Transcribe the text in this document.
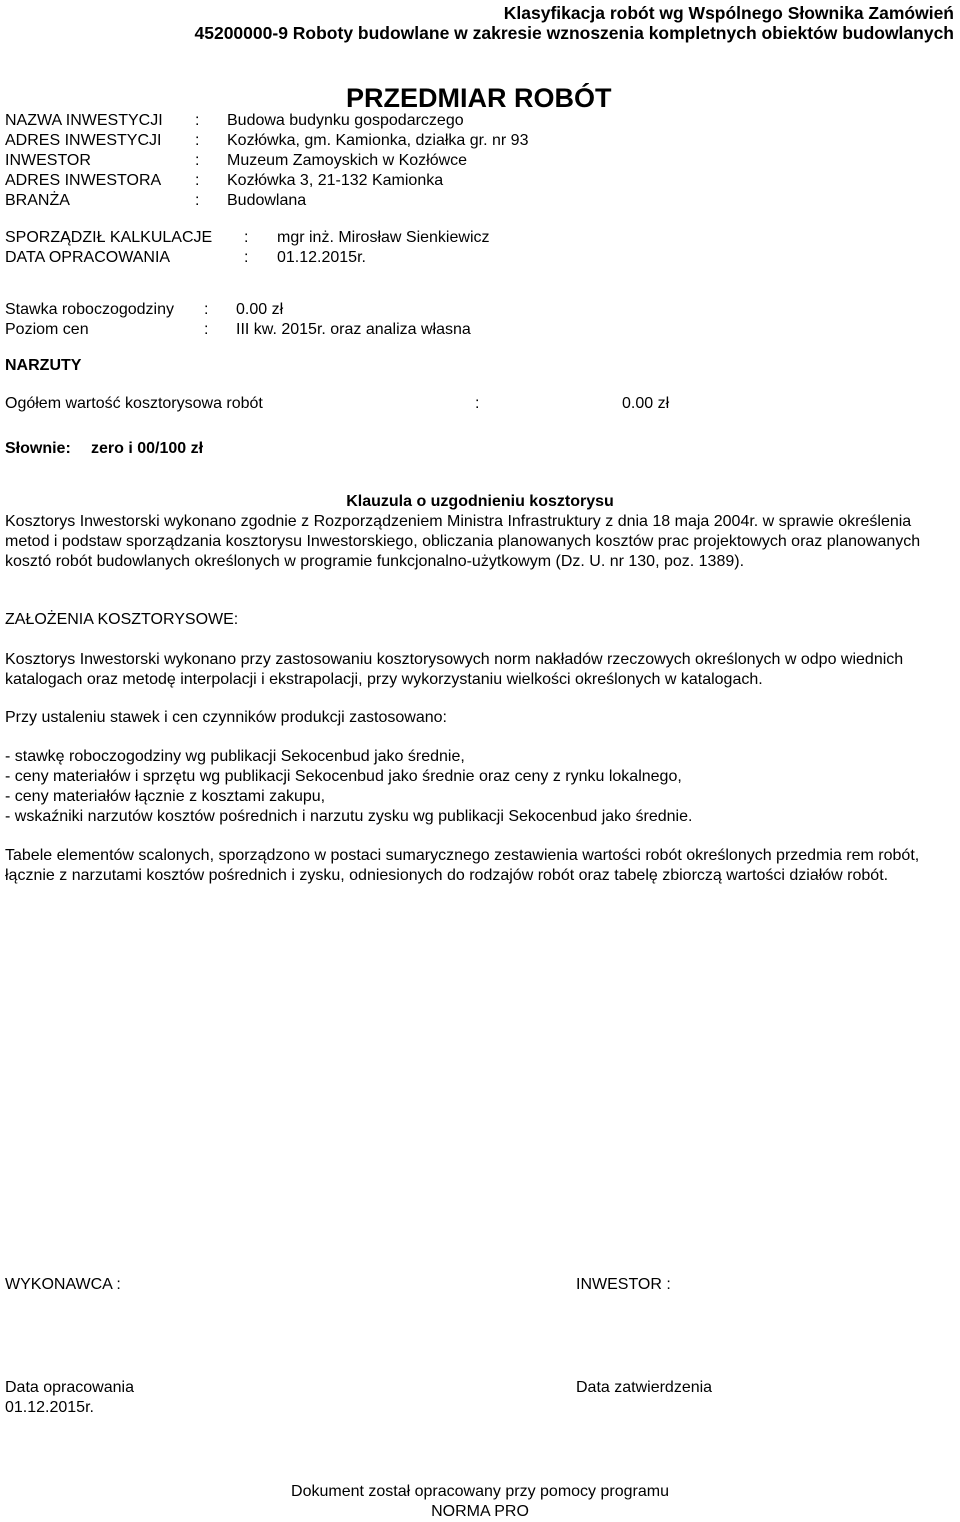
Klasyfikacja robót wg Wspólnego Słownika Zamówień
45200000-9 Roboty budowlane w zakresie wznoszenia kompletnych obiektów budowlanych
PRZEDMIAR ROBÓT
NAZWA INWESTYCJI : Budowa budynku gospodarczego
ADRES INWESTYCJI : Kozłówka, gm. Kamionka, działka gr. nr 93
INWESTOR	: Muzeum Zamoyskich w Kozłówce
ADRES INWESTORA : Kozłówka 3, 21-132 Kamionka
BRANŻA	: Budowlana
SPORZĄDZIŁ KALKULACJE : mgr inż. Mirosław Sienkiewicz
DATA OPRACOWANIA	: 01.12.2015r.
Stawka roboczogodziny : 0.00 zł
Poziom cen	: III kw. 2015r. oraz analiza własna
NARZUTY
Ogółem wartość kosztorysowa robót	:	0.00 zł
Słownie: zero i 00/100 zł
Klauzula o uzgodnieniu kosztorysu
Kosztorys Inwestorski wykonano zgodnie z Rozporządzeniem Ministra Infrastruktury z dnia 18 maja 2004r. w sprawie określenia metod i podstaw sporządzania kosztorysu Inwestorskiego, obliczania planowanych kosztów prac projektowych oraz planowanych kosztó robót budowlanych określonych w programie funkcjonalno-użytkowym (Dz. U. nr 130, poz. 1389).
ZAŁOŻENIA KOSZTORYSOWE:
Kosztorys Inwestorski wykonano przy zastosowaniu kosztorysowych norm nakładów rzeczowych określonych w odpo wiednich katalogach oraz metodę interpolacji i ekstrapolacji, przy wykorzystaniu wielkości określonych w katalogach.
Przy ustaleniu stawek i cen czynników produkcji zastosowano:
- stawkę roboczogodziny wg publikacji Sekocenbud jako średnie,
- ceny materiałów i sprzętu wg publikacji Sekocenbud jako średnie oraz ceny z rynku lokalnego,
- ceny materiałów łącznie z kosztami zakupu,
- wskaźniki narzutów kosztów pośrednich i narzutu zysku wg publikacji Sekocenbud jako średnie.
Tabele elementów scalonych, sporządzono w postaci sumarycznego zestawienia wartości robót określonych przedmia rem robót, łącznie z narzutami kosztów pośrednich i zysku, odniesionych do rodzajów robót oraz tabelę zbiorczą wartości działów robót.
WYKONAWCA :	INWESTOR :
Data opracowania
01.12.2015r.
Data zatwierdzenia
Dokument został opracowany przy pomocy programu
NORMA PRO
